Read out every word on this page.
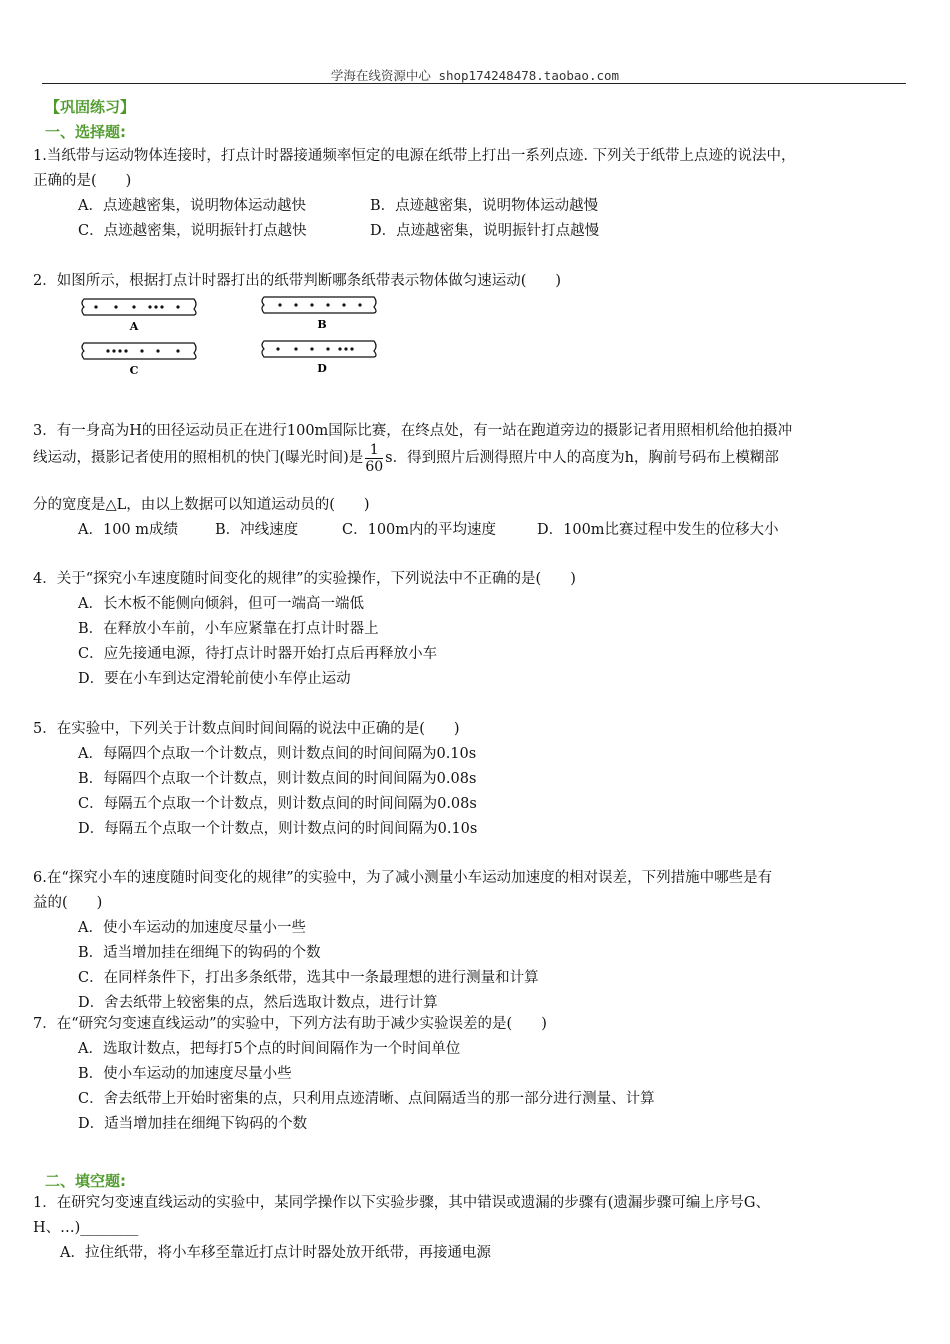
学海在线资源中心 shop174248478.taobao.com
【巩固练习】
一、选择题:
1.当纸带与运动物体连接时，打点计时器接通频率恒定的电源在纸带上打出一系列点迹. 下列关于纸带上点迹的说法中，
正确的是(　　)
A．点迹越密集，说明物体运动越快	B．点迹越密集，说明物体运动越慢
C．点迹越密集，说明振针打点越快	D．点迹越密集，说明振针打点越慢
2．如图所示，根据打点计时器打出的纸带判断哪条纸带表示物体做匀速运动(　　)
A	B
C	D
3．有一身高为H的田径运动员正在进行100m国际比赛，在终点处，有一站在跑道旁边的摄影记者用照相机给他拍摄冲
线运动，摄影记者使用的照相机的快门(曝光时间)是 $\frac{1}{60}$ s．得到照片后测得照片中人的高度为h，胸前号码布上模糊部
分的宽度是△L，由以上数据可以知道运动员的(　　)
A．100 m成绩	B．冲线速度	C．100m内的平均速度	D．100m比赛过程中发生的位移大小
4．关于“探究小车速度随时间变化的规律”的实验操作，下列说法中不正确的是(　　)
A．长木板不能侧向倾斜，但可一端高一端低
B．在释放小车前，小车应紧靠在打点计时器上
C．应先接通电源，待打点计时器开始打点后再释放小车
D．要在小车到达定滑轮前使小车停止运动
5．在实验中，下列关于计数点间时间间隔的说法中正确的是(　　)
A．每隔四个点取一个计数点，则计数点间的时间间隔为0.10s
B．每隔四个点取一个计数点，则计数点间的时间间隔为0.08s
C．每隔五个点取一个计数点，则计数点间的时间间隔为0.08s
D．每隔五个点取一个计数点，则计数点问的时间间隔为0.10s
6.在“探究小车的速度随时间变化的规律”的实验中，为了减小测量小车运动加速度的相对误差，下列措施中哪些是有
益的(　　)
A．使小车运动的加速度尽量小一些
B．适当增加挂在细绳下的钩码的个数
C．在同样条件下，打出多条纸带，选其中一条最理想的进行测量和计算
D．舍去纸带上较密集的点，然后选取计数点，进行计算
7．在“研究匀变速直线运动”的实验中，下列方法有助于减少实验误差的是(　　)
A．选取计数点，把每打5个点的时间间隔作为一个时间单位
B．使小车运动的加速度尽量小些
C．舍去纸带上开始时密集的点，只利用点迹清晰、点间隔适当的那一部分进行测量、计算
D．适当增加挂在细绳下钩码的个数
二、填空题:
1．在研究匀变速直线运动的实验中，某同学操作以下实验步骤，其中错误或遗漏的步骤有(遗漏步骤可编上序号G、
H、…)________
A．拉住纸带，将小车移至靠近打点计时器处放开纸带，再接通电源
